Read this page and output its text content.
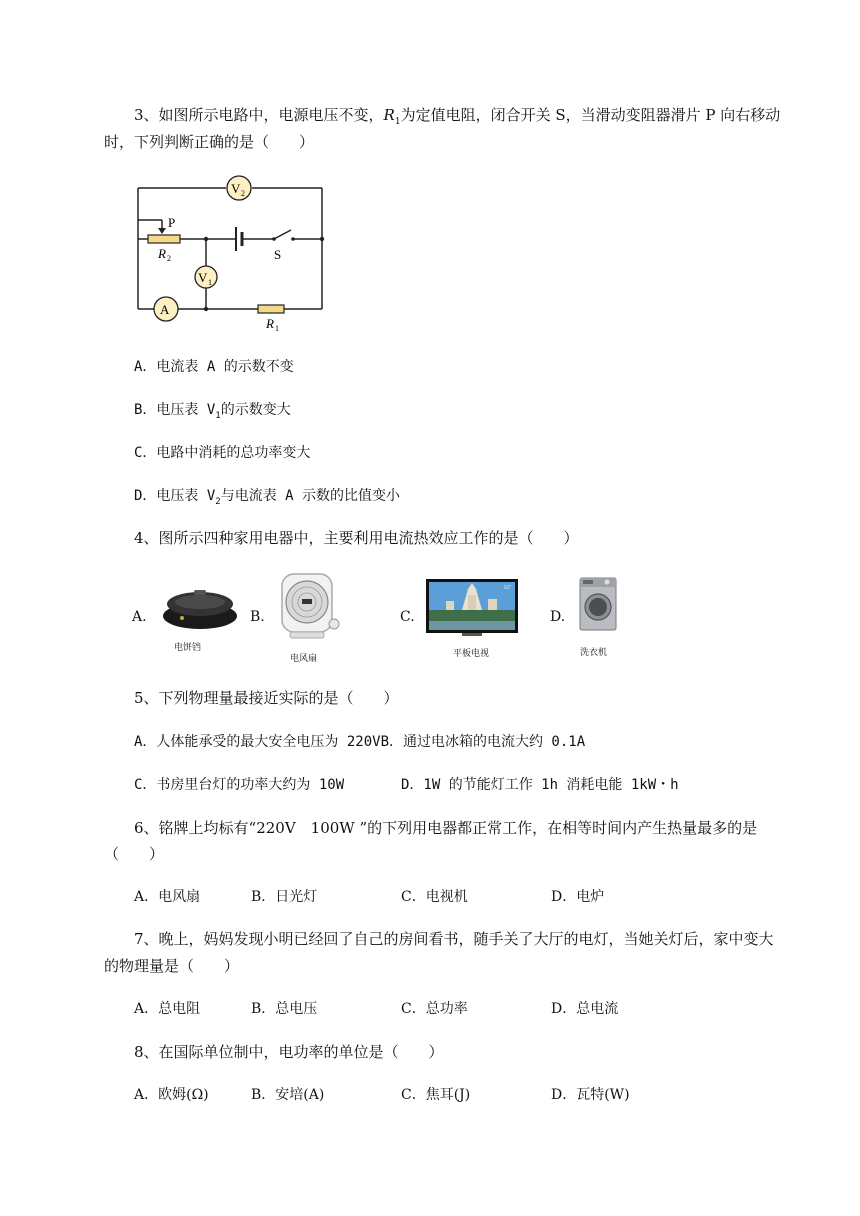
3、如图所示电路中，电源电压不变，$R_1$为定值电阻，闭合开关 S，当滑动变阻器滑片 P 向右移动
时，下列判断正确的是（　　）
V 2
V 1
A
P
R 2
R 1
S
A．电流表 A 的示数不变
B．电压表 $V_1$的示数变大
C．电路中消耗的总功率变大
D．电压表 $V_2$与电流表 A 示数的比值变小
4、图所示四种家用电器中，主要利用电流热效应工作的是（　　）
A.
电饼铛
B.
电风扇
C.
55"
平板电视
D.
洗衣机
5、下列物理量最接近实际的是（　　）
A．人体能承受的最大安全电压为 220VB．通过电冰箱的电流大约 0.1A
C．书房里台灯的功率大约为 10W	D．1W 的节能灯工作 1h 消耗电能 1kW・h
6、铭牌上均标有“220V　100W ”的下列用电器都正常工作，在相等时间内产生热量最多的是
（　　）
A．电风扇	B．日光灯	C．电视机	D．电炉
7、晚上，妈妈发现小明已经回了自己的房间看书，随手关了大厅的电灯，当她关灯后，家中变大
的物理量是（　　）
A．总电阻	B．总电压	C．总功率	D．总电流
8、在国际单位制中，电功率的单位是（　　）
A．欧姆(Ω)	B．安培(A)	C．焦耳(J)	D．瓦特(W)
